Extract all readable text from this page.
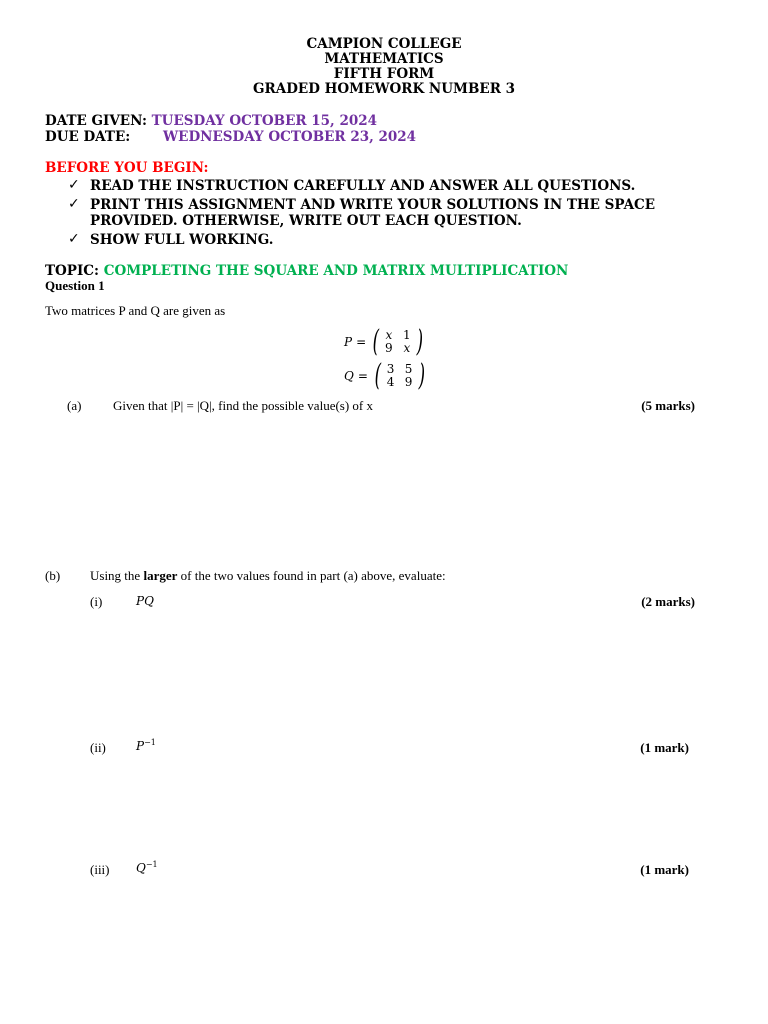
CAMPION COLLEGE
MATHEMATICS
FIFTH FORM
GRADED HOMEWORK NUMBER 3
DATE GIVEN: TUESDAY OCTOBER 15, 2024
DUE DATE: WEDNESDAY OCTOBER 23, 2024
BEFORE YOU BEGIN:
✓ READ THE INSTRUCTION CAREFULLY AND ANSWER ALL QUESTIONS.
✓ PRINT THIS ASSIGNMENT AND WRITE YOUR SOLUTIONS IN THE SPACE
PROVIDED. OTHERWISE, WRITE OUT EACH QUESTION.
✓ SHOW FULL WORKING.
TOPIC: COMPLETING THE SQUARE AND MATRIX MULTIPLICATION
Question 1
Two matrices P and Q are given as
P = ( x 1
9 x )
Q = ( 3 5
4 9 )
(a) Given that |P| = |Q|, find the possible value(s) of x	(5 marks)
(b) Using the larger of the two values found in part (a) above, evaluate:
(i)	PQ	(2 marks)
(ii)	$P^{-1}$	(1 mark)
(iii) $Q^{-1}$	(1 mark)
